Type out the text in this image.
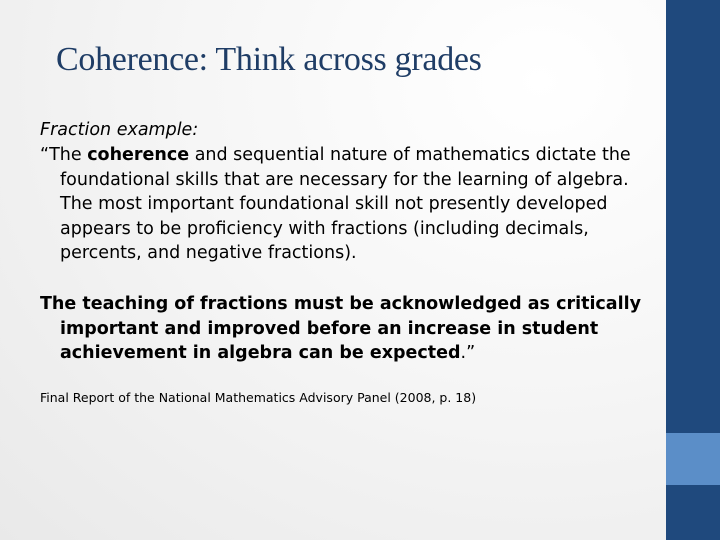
Coherence: Think across grades
Fraction example:

“The coherence and sequential nature of mathematics dictate the foundational skills that are necessary for the learning of algebra. The most important foundational skill not presently developed appears to be proficiency with fractions (including decimals, percents, and negative fractions).

The teaching of fractions must be acknowledged as critically important and improved before an increase in student achievement in algebra can be expected.”

Final Report of the National Mathematics Advisory Panel (2008, p. 18)
